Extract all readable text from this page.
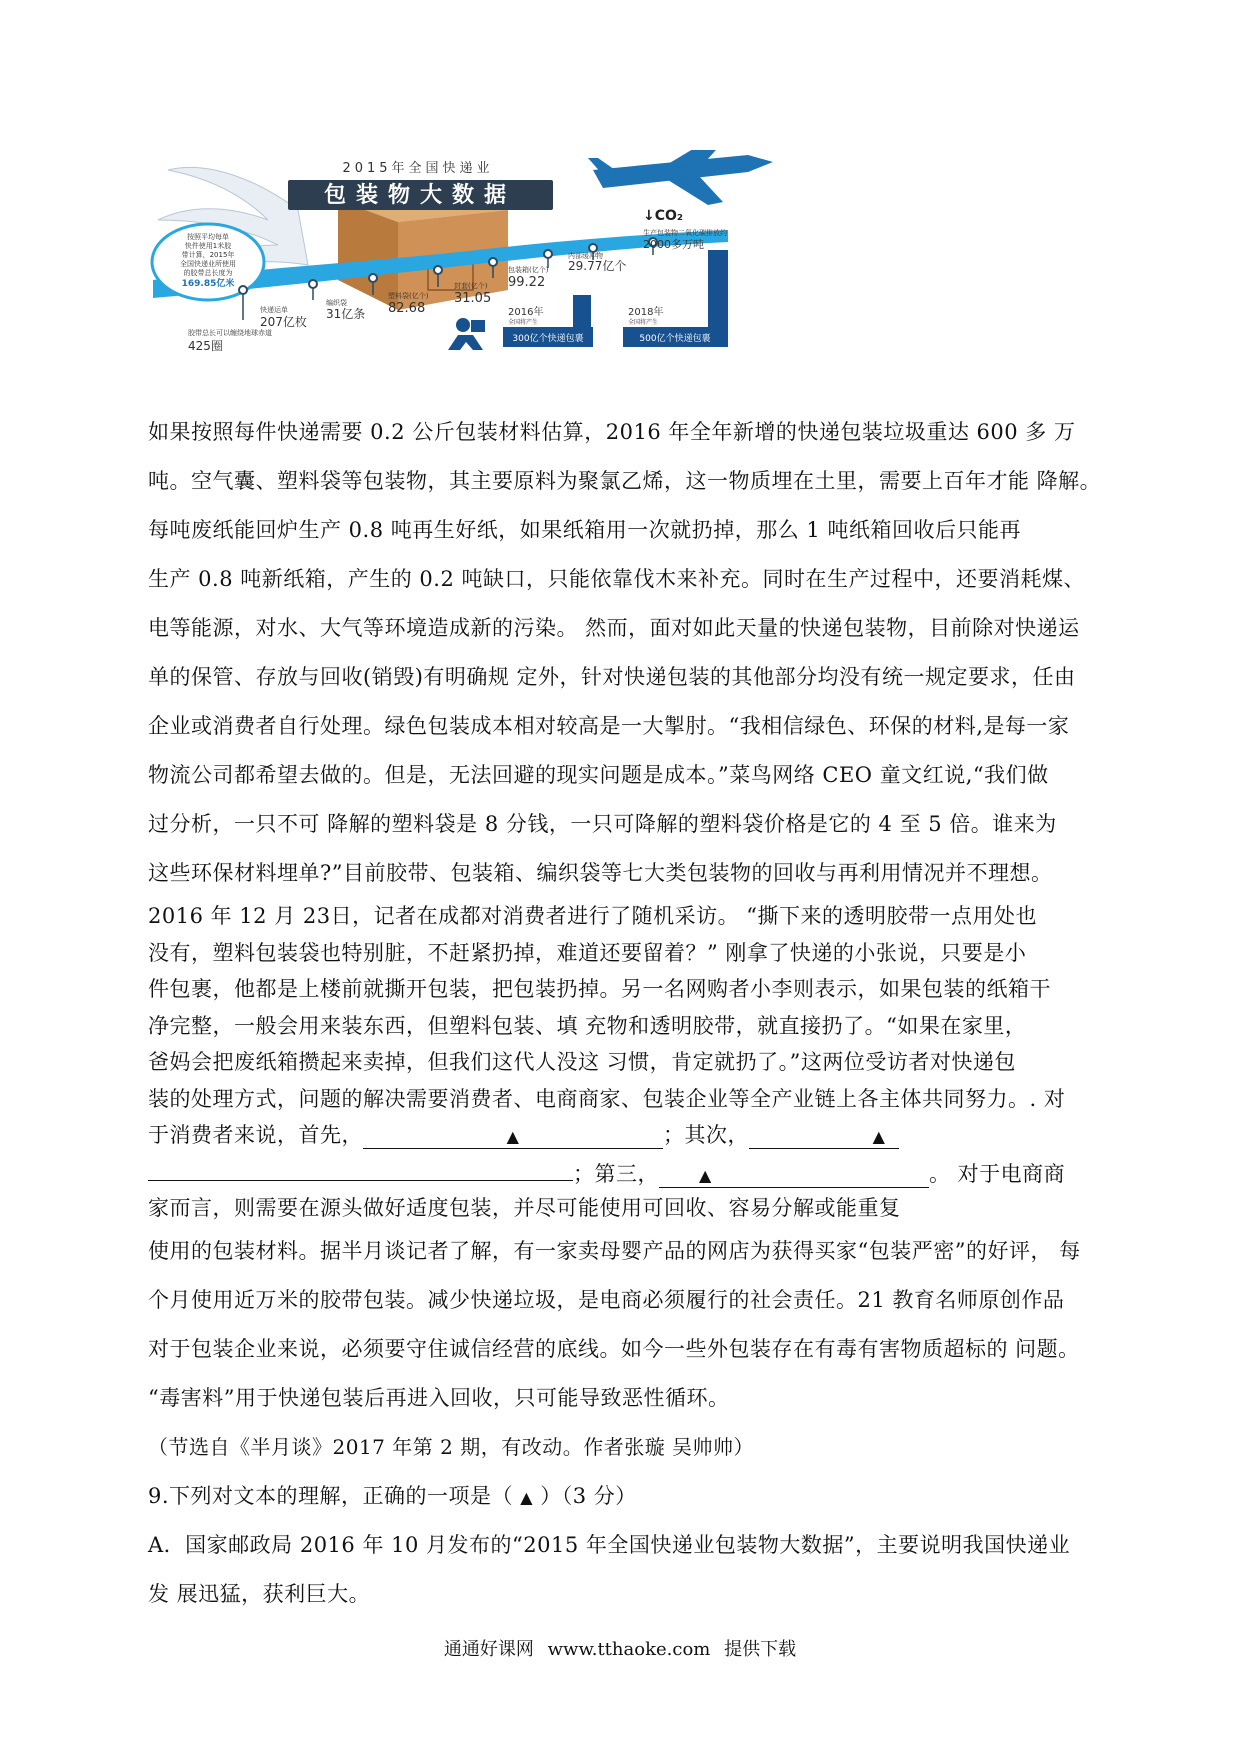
2015年全国快递业
包装物大数据
按照平均每单
快件使用1米胶
带计算，2015年
全国快递业所使用
的胶带总长度为
169.85亿米
胶带总长可以缠绕地球赤道
425圈
快递运单
207亿枚
编织袋
31亿条
塑料袋(亿个)
82.68
封套(亿个)
31.05
包装箱(亿个)
99.22
内部缓冲物
29.77亿个
↓CO₂
生产包装物二氧化碳排放约
2000多万吨
2016年
全国将产生
300亿个快递包裹
2018年
全国将产生
500亿个快递包裹
如果按照每件快递需要 0.2 公斤包装材料估算，2016 年全年新增的快递包装垃圾重达 600 多 万
吨。空气囊、塑料袋等包装物，其主要原料为聚氯乙烯，这一物质埋在土里，需要上百年才能 降解。
每吨废纸能回炉生产 0.8 吨再生好纸，如果纸箱用一次就扔掉，那么 1 吨纸箱回收后只能再
生产 0.8 吨新纸箱，产生的 0.2 吨缺口，只能依靠伐木来补充。同时在生产过程中，还要消耗煤、
电等能源，对水、大气等环境造成新的污染。 然而，面对如此天量的快递包装物，目前除对快递运
单的保管、存放与回收(销毁)有明确规 定外，针对快递包装的其他部分均没有统一规定要求，任由
企业或消费者自行处理。绿色包装成本相对较高是一大掣肘。“我相信绿色、环保的材料,是每一家
物流公司都希望去做的。但是，无法回避的现实问题是成本。”菜鸟网络 CEO 童文红说,“我们做
过分析，一只不可 降解的塑料袋是 8 分钱，一只可降解的塑料袋价格是它的 4 至 5 倍。谁来为
这些环保材料埋单?”目前胶带、包装箱、编织袋等七大类包装物的回收与再利用情况并不理想。
2016 年 12 月 23日，记者在成都对消费者进行了随机采访。 “撕下来的透明胶带一点用处也
没有，塑料包装袋也特别脏，不赶紧扔掉，难道还要留着？” 刚拿了快递的小张说，只要是小
件包裹，他都是上楼前就撕开包装，把包装扔掉。另一名网购者小李则表示，如果包装的纸箱干
净完整，一般会用来装东西，但塑料包装、填 充物和透明胶带，就直接扔了。“如果在家里，
爸妈会把废纸箱攒起来卖掉，但我们这代人没这 习惯，肯定就扔了。”这两位受访者对快递包
装的处理方式，问题的解决需要消费者、电商商家、包装企业等全产业链上各主体共同努力。. 对
于消费者来说，首先，	▲	；其次，	▲
；第三，	▲	。 对于电商商
家而言，则需要在源头做好适度包装，并尽可能使用可回收、容易分解或能重复
使用的包装材料。据半月谈记者了解，有一家卖母婴产品的网店为获得买家“包装严密”的好评， 每
个月使用近万米的胶带包装。减少快递垃圾，是电商必须履行的社会责任。21 教育名师原创作品
对于包装企业来说，必须要守住诚信经营的底线。如今一些外包装存在有毒有害物质超标的 问题。
“毒害料”用于快递包装后再进入回收，只可能导致恶性循环。
（节选自《半月谈》2017 年第 2 期，有改动。作者张璇 吴帅帅）
9.下列对文本的理解，正确的一项是（ ▲ ）（3 分）
A．国家邮政局 2016 年 10 月发布的“2015 年全国快递业包装物大数据”，主要说明我国快递业
发 展迅猛，获利巨大。
通通好课网 www.tthaoke.com 提供下载
